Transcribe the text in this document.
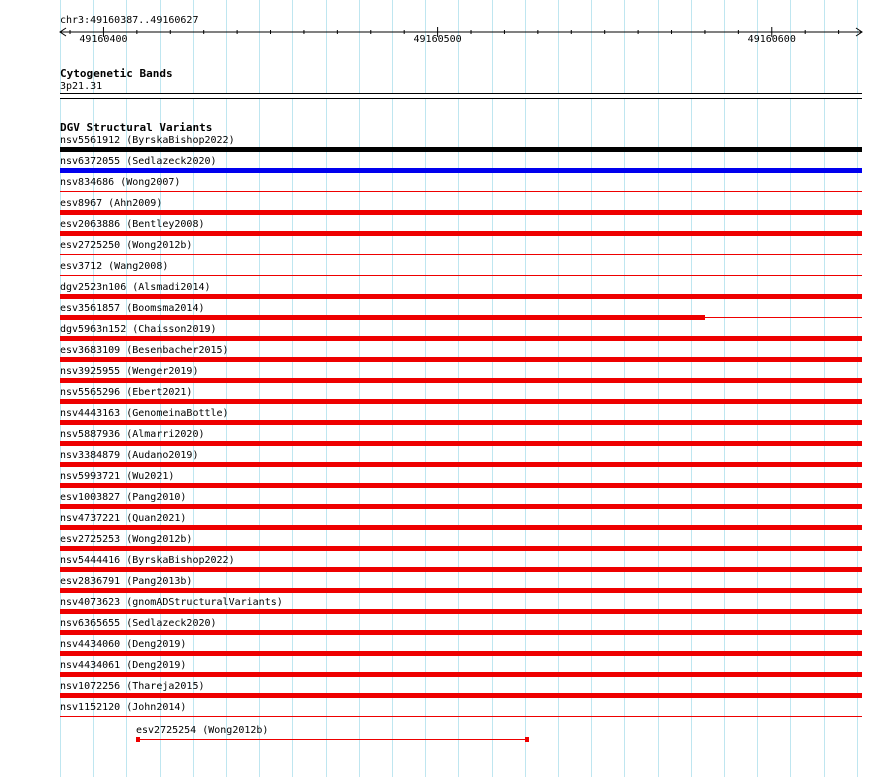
chr3:49160387..49160627
49160400	49160500	49160600
Cytogenetic Bands
3p21.31
DGV Structural Variants
nsv5561912 (ByrskaBishop2022)
nsv6372055 (Sedlazeck2020)
nsv834686 (Wong2007)
esv8967 (Ahn2009)
esv2063886 (Bentley2008)
esv2725250 (Wong2012b)
esv3712 (Wang2008)
dgv2523n106 (Alsmadi2014)
esv3561857 (Boomsma2014)
dgv5963n152 (Chaisson2019)
esv3683109 (Besenbacher2015)
nsv3925955 (Wenger2019)
nsv5565296 (Ebert2021)
nsv4443163 (GenomeinaBottle)
nsv5887936 (Almarri2020)
nsv3384879 (Audano2019)
nsv5993721 (Wu2021)
esv1003827 (Pang2010)
nsv4737221 (Quan2021)
esv2725253 (Wong2012b)
nsv5444416 (ByrskaBishop2022)
esv2836791 (Pang2013b)
nsv4073623 (gnomADStructuralVariants)
nsv6365655 (Sedlazeck2020)
nsv4434060 (Deng2019)
nsv4434061 (Deng2019)
nsv1072256 (Thareja2015)
nsv1152120 (John2014)
esv2725254 (Wong2012b)
